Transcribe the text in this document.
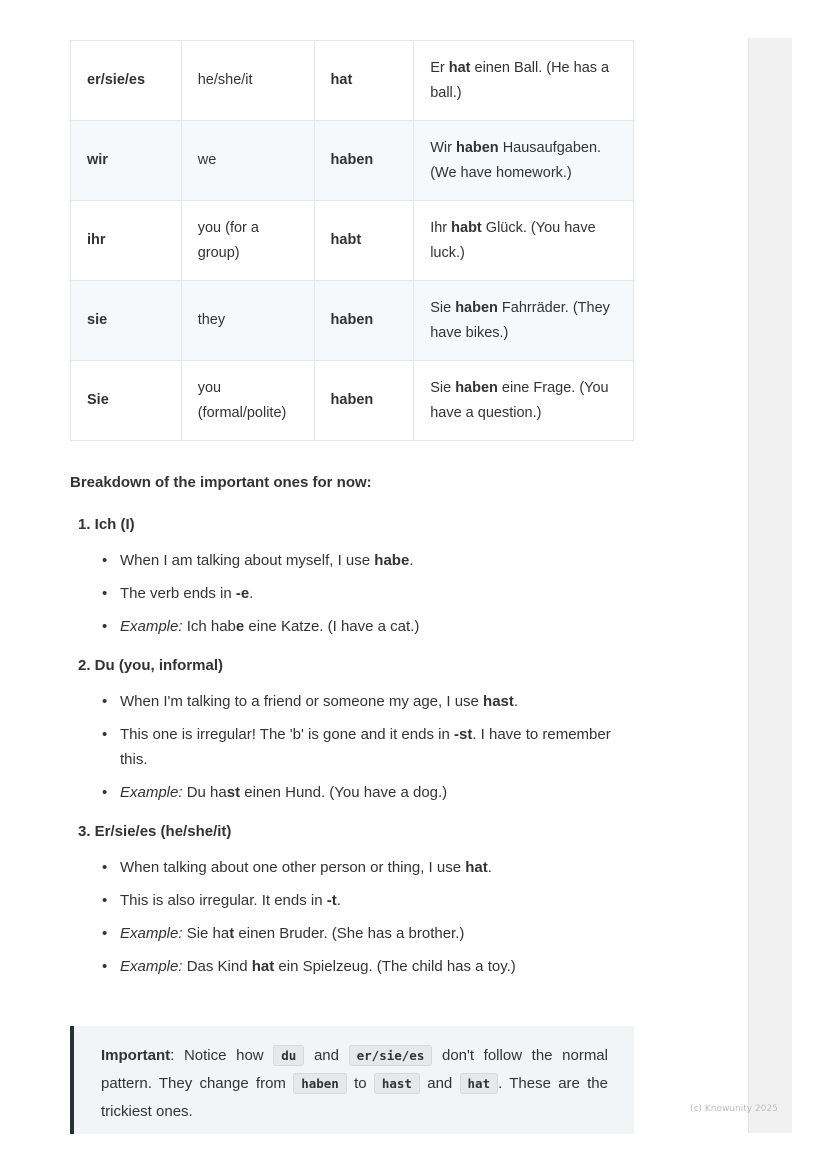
(c) Knowunity 2025
er/sie/es	he/she/it	hat	Er hat einen Ball. (He has a ball.)
wir	we	haben	Wir haben Hausaufgaben. (We have homework.)
ihr	you (for a group)	habt	Ihr habt Glück. (You have luck.)
sie	they	haben	Sie haben Fahrräder. (They have bikes.)
Sie	you (formal/polite)	haben	Sie haben eine Frage. (You have a question.)

Breakdown of the important ones for now:

1. Ich (I)
• When I am talking about myself, I use habe.
• The verb ends in -e.
• Example: Ich habe eine Katze. (I have a cat.)
2. Du (you, informal)
• When I'm talking to a friend or someone my age, I use hast.
• This one is irregular! The 'b' is gone and it ends in -st. I have to remember this.
• Example: Du hast einen Hund. (You have a dog.)
3. Er/sie/es (he/she/it)
• When talking about one other person or thing, I use hat.
• This is also irregular. It ends in -t.
• Example: Sie hat einen Bruder. (She has a brother.)
• Example: Das Kind hat ein Spielzeug. (The child has a toy.)
Important: Notice how du and er/sie/es don't follow the normal pattern. They change from haben to hast and hat . These are the trickiest ones.
